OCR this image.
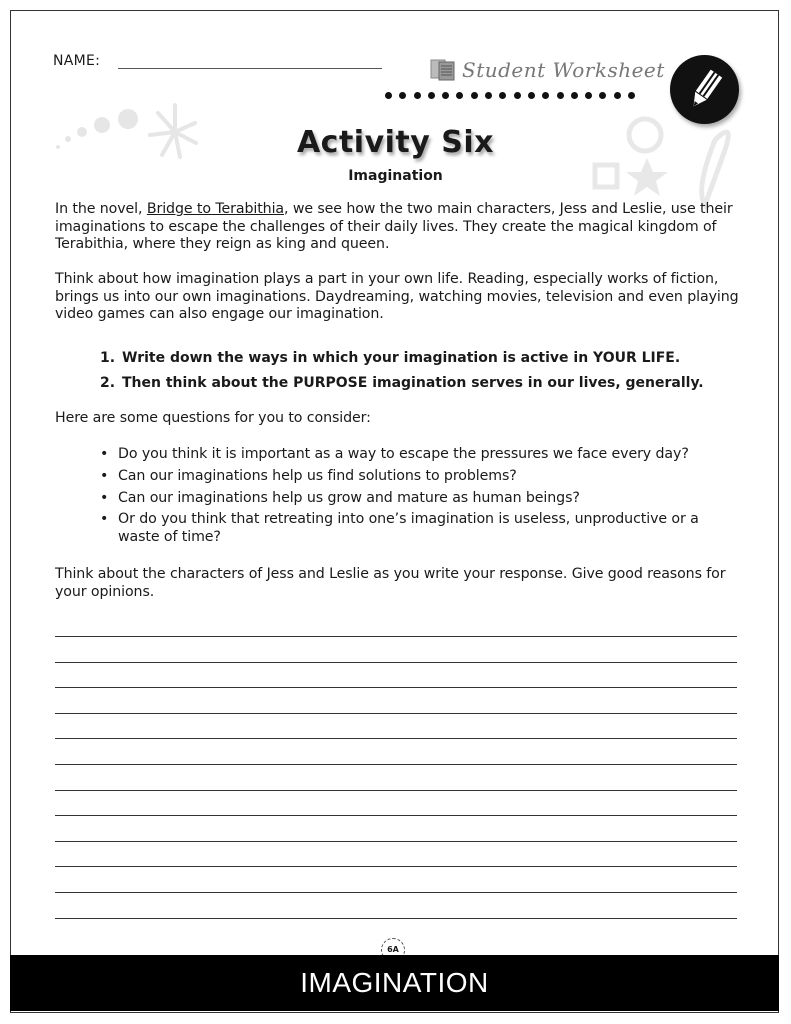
NAME:	Student Worksheet
Activity Six
Imagination
In the novel, Bridge to Terabithia, we see how the two main characters, Jess and Leslie, use their imaginations to escape the challenges of their daily lives. They create the magical kingdom of Terabithia, where they reign as king and queen.
Think about how imagination plays a part in your own life. Reading, especially works of fiction, brings us into our own imaginations. Daydreaming, watching movies, television and even playing video games can also engage our imagination.
1. Write down the ways in which your imagination is active in YOUR LIFE.
2. Then think about the PURPOSE imagination serves in our lives, generally.
Here are some questions for you to consider:
• Do you think it is important as a way to escape the pressures we face every day?
• Can our imaginations help us find solutions to problems?
• Can our imaginations help us grow and mature as human beings?
• Or do you think that retreating into one’s imagination is useless, unproductive or a waste of time?
Think about the characters of Jess and Leslie as you write your response. Give good reasons for your opinions.
6A
IMAGINATION
